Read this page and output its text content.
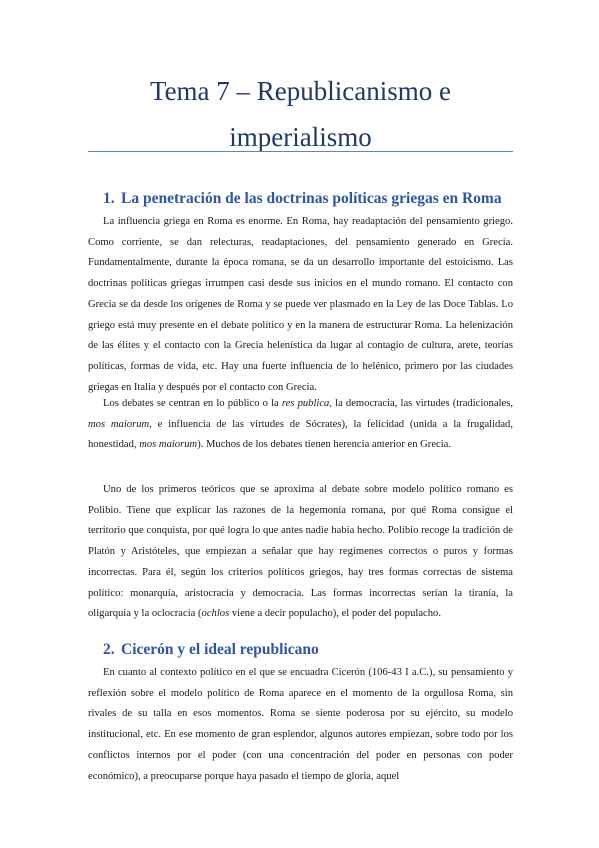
Tema 7 – Republicanismo e
imperialismo
1. La penetración de las doctrinas políticas griegas en Roma

La influencia griega en Roma es enorme. En Roma, hay readaptación del pensamiento griego. Como corriente, se dan relecturas, readaptaciones, del pensamiento generado en Grecia. Fundamentalmente, durante la época romana, se da un desarrollo importante del estoicismo. Las doctrinas políticas griegas irrumpen casi desde sus inicios en el mundo romano. El contacto con Grecia se da desde los orígenes de Roma y se puede ver plasmado en la Ley de las Doce Tablas. Lo griego está muy presente en el debate político y en la manera de estructurar Roma. La helenización de las élites y el contacto con la Grecia helenística da lugar al contagio de cultura, arete, teorías políticas, formas de vida, etc. Hay una fuerte influencia de lo helénico, primero por las ciudades griegas en Italia y después por el contacto con Grecia.

Los debates se centran en lo público o la res publica, la democracia, las virtudes (tradicionales, mos maiorum, e influencia de las virtudes de Sócrates), la felicidad (unida a la frugalidad, honestidad, mos maiorum). Muchos de los debates tienen herencia anterior en Grecia.

Uno de los primeros teóricos que se aproxima al debate sobre modelo político romano es Polibio. Tiene que explicar las razones de la hegemonía romana, por qué Roma consigue el territorio que conquista, por qué logra lo que antes nadie había hecho. Polibio recoge la tradición de Platón y Aristóteles, que empiezan a señalar que hay regímenes correctos o puros y formas incorrectas. Para él, según los criterios políticos griegos, hay tres formas correctas de sistema político: monarquía, aristocracia y democracia. Las formas incorrectas serían la tiranía, la oligarquía y la oclocracia (ochlos viene a decir populacho), el poder del populacho.

2. Cicerón y el ideal republicano

En cuanto al contexto político en el que se encuadra Cicerón (106-43 I a.C.), su pensamiento y reflexión sobre el modelo político de Roma aparece en el momento de la orgullosa Roma, sin rivales de su talla en esos momentos. Roma se siente poderosa por su ejército, su modelo institucional, etc. En ese momento de gran esplendor, algunos autores empiezan, sobre todo por los conflictos internos por el poder (con una concentración del poder en personas con poder económico), a preocuparse porque haya pasado el tiempo de gloria, aquel
